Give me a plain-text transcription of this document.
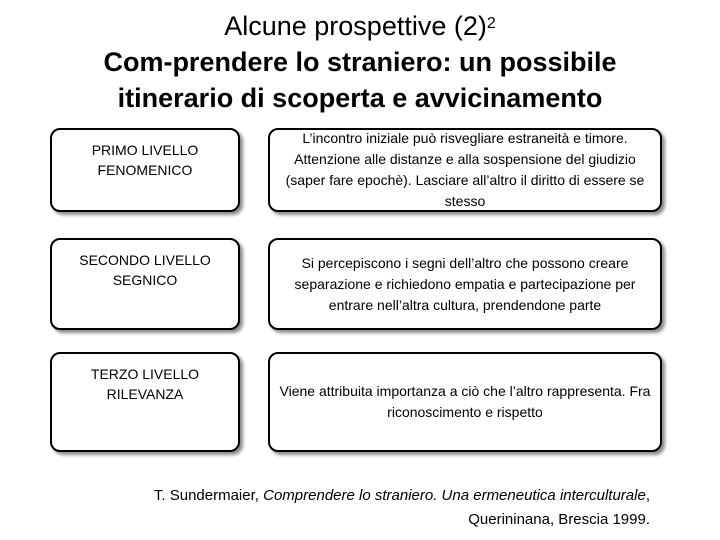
Alcune prospettive $(2)^2$
Com-prendere lo straniero: un possibile
itinerario di scoperta e avvicinamento
PRIMO LIVELLO
FENOMENICO
L’incontro iniziale può risvegliare estraneità e timore. Attenzione alle distanze e alla sospensione del giudizio (saper fare epochè). Lasciare all’altro il diritto di essere se stesso
SECONDO LIVELLO
SEGNICO
Si percepiscono i segni dell’altro che possono creare separazione e richiedono empatia e partecipazione per entrare nell’altra cultura, prendendone parte
TERZO LIVELLO
RILEVANZA	Viene attribuita importanza a ciò che l’altro rappresenta. Fra riconoscimento e rispetto
T. Sundermaier, Comprendere lo straniero. Una ermeneutica interculturale, Querininana, Brescia 1999.
